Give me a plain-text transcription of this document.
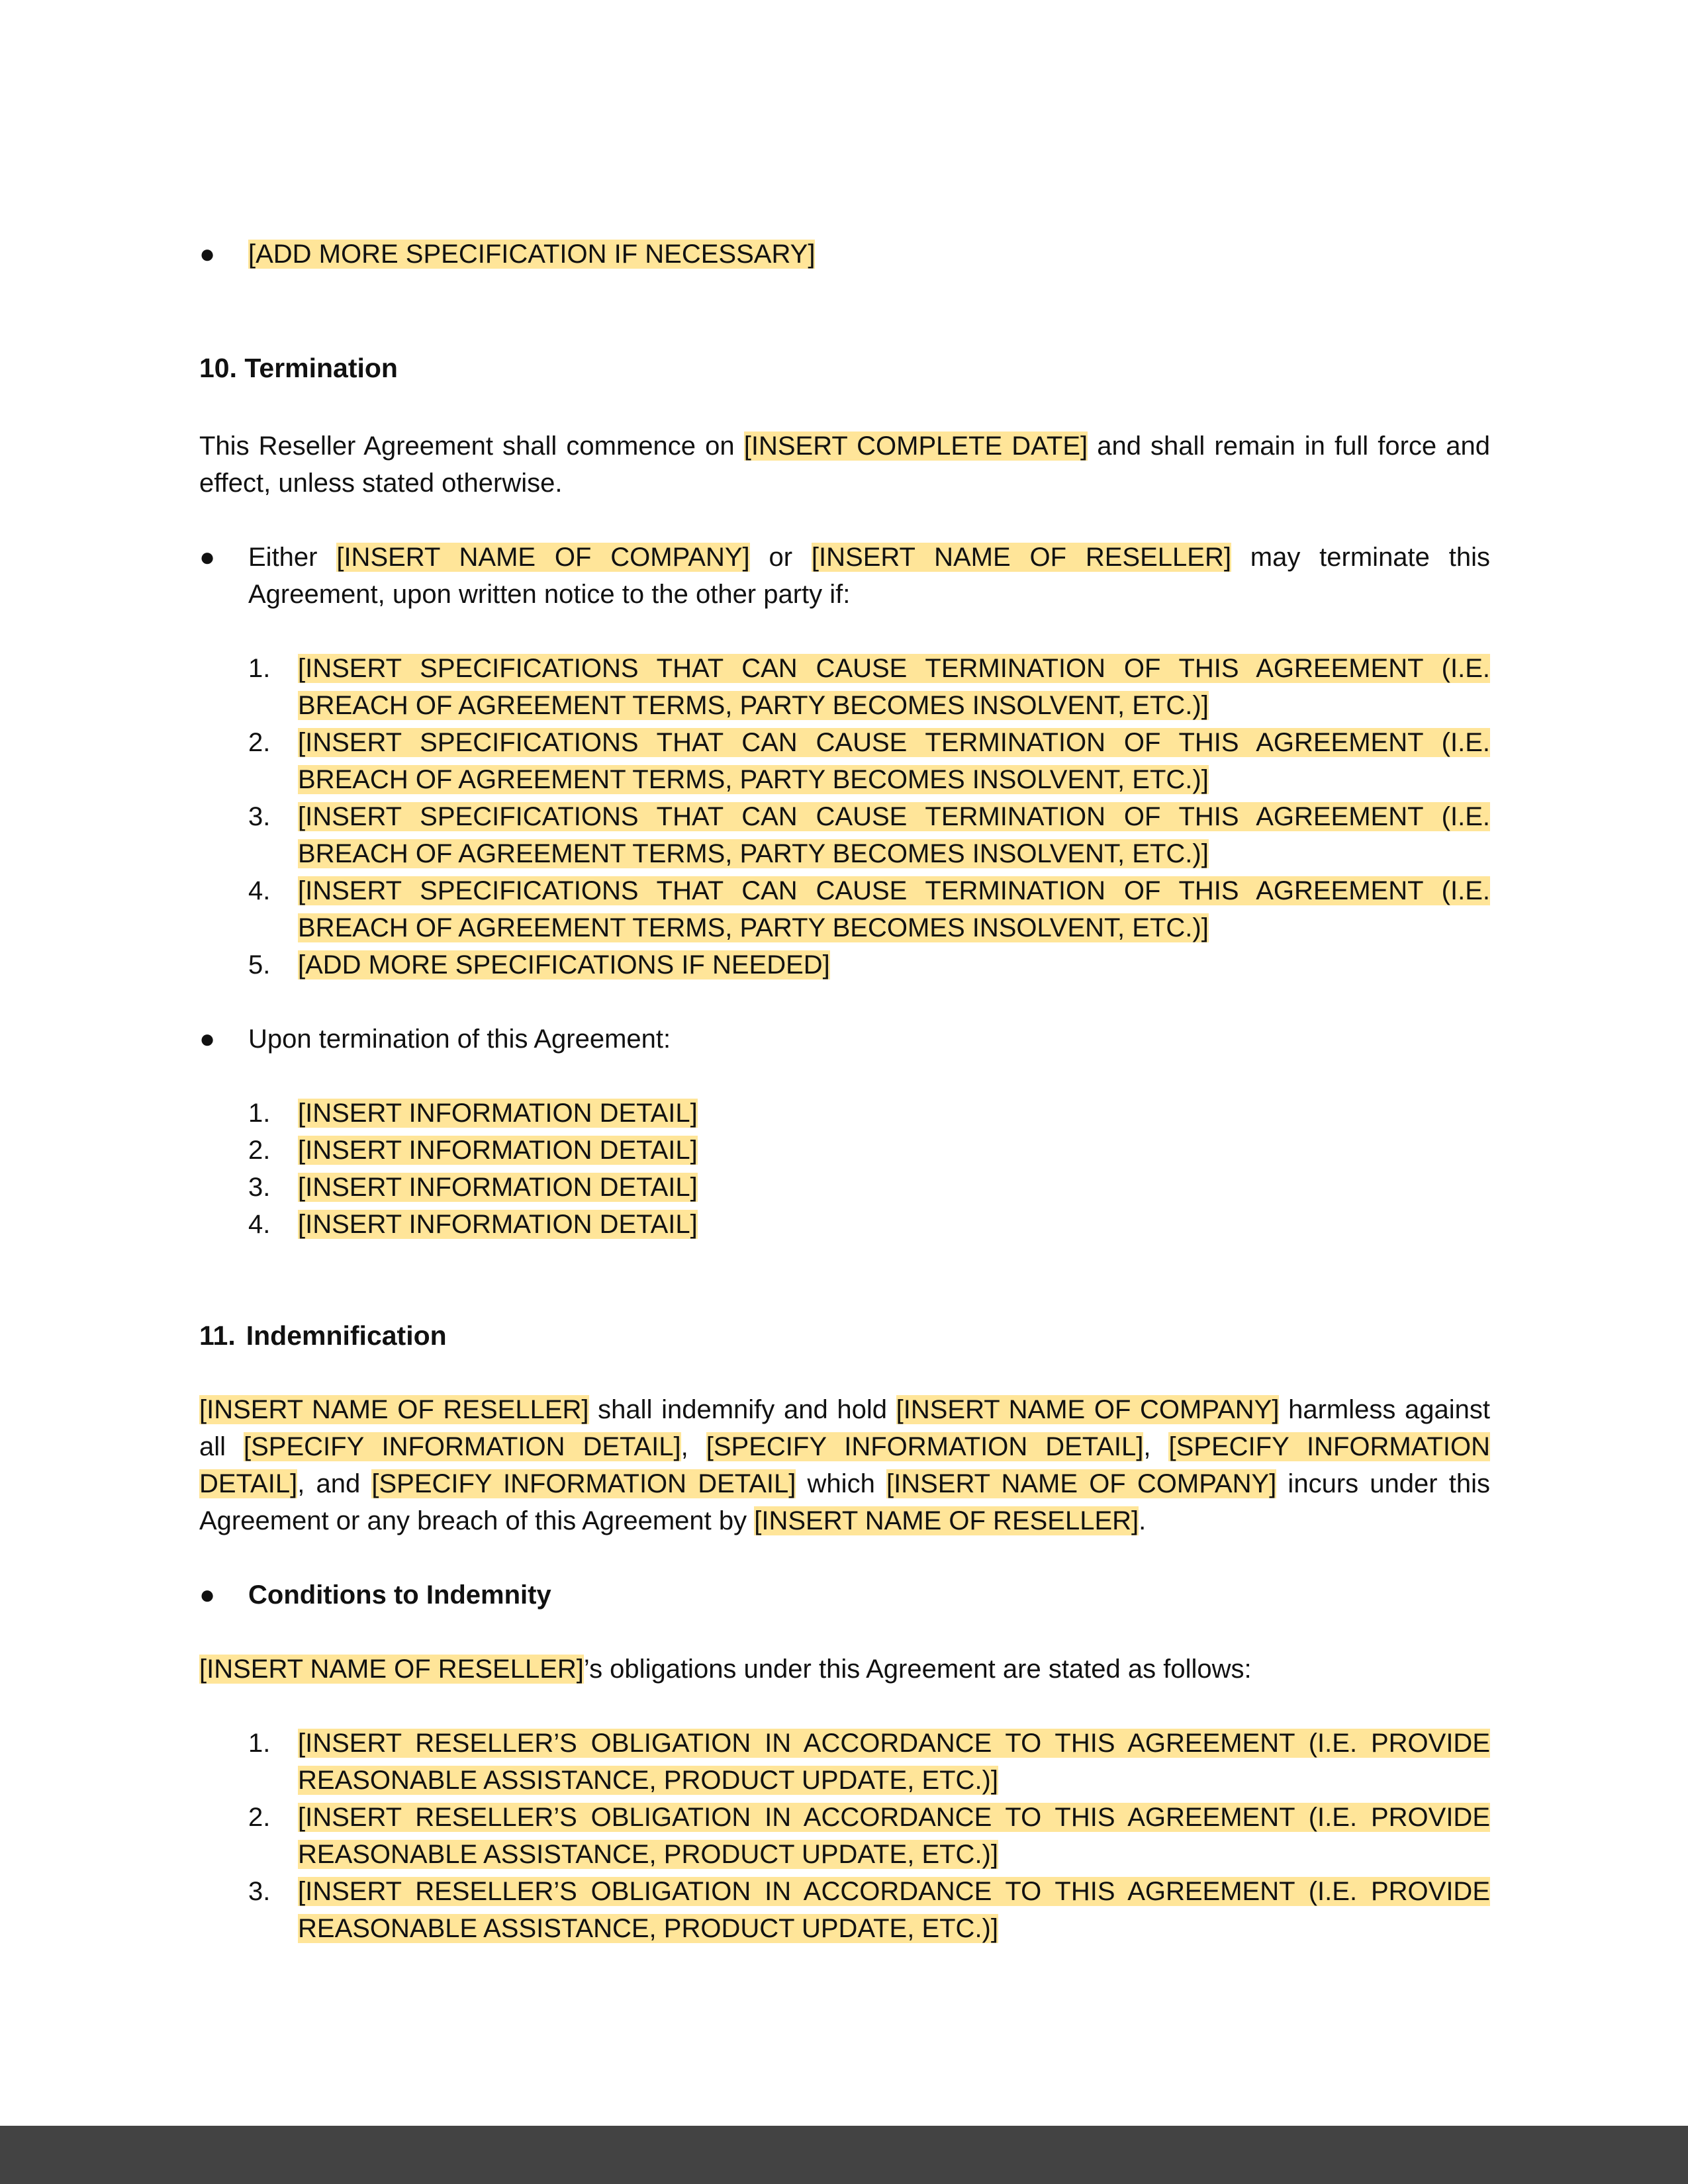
●	[ADD MORE SPECIFICATION IF NECESSARY]
10. Termination
This Reseller Agreement shall commence on [INSERT COMPLETE DATE] and shall remain in full force and effect, unless stated otherwise.
●	Either [INSERT NAME OF COMPANY] or [INSERT NAME OF RESELLER] may terminate this Agreement, upon written notice to the other party if:
1.	[INSERT SPECIFICATIONS THAT CAN CAUSE TERMINATION OF THIS AGREEMENT (I.E. BREACH OF AGREEMENT TERMS, PARTY BECOMES INSOLVENT, ETC.)]
2.	[INSERT SPECIFICATIONS THAT CAN CAUSE TERMINATION OF THIS AGREEMENT (I.E. BREACH OF AGREEMENT TERMS, PARTY BECOMES INSOLVENT, ETC.)]
3.	[INSERT SPECIFICATIONS THAT CAN CAUSE TERMINATION OF THIS AGREEMENT (I.E. BREACH OF AGREEMENT TERMS, PARTY BECOMES INSOLVENT, ETC.)]
4.	[INSERT SPECIFICATIONS THAT CAN CAUSE TERMINATION OF THIS AGREEMENT (I.E. BREACH OF AGREEMENT TERMS, PARTY BECOMES INSOLVENT, ETC.)]
5.	[ADD MORE SPECIFICATIONS IF NEEDED]
●	Upon termination of this Agreement:
1.	[INSERT INFORMATION DETAIL]
2.	[INSERT INFORMATION DETAIL]
3.	[INSERT INFORMATION DETAIL]
4.	[INSERT INFORMATION DETAIL]
11. Indemnification
[INSERT NAME OF RESELLER] shall indemnify and hold [INSERT NAME OF COMPANY] harmless against all [SPECIFY INFORMATION DETAIL], [SPECIFY INFORMATION DETAIL], [SPECIFY INFORMATION DETAIL], and [SPECIFY INFORMATION DETAIL] which [INSERT NAME OF COMPANY] incurs under this Agreement or any breach of this Agreement by [INSERT NAME OF RESELLER].
●	Conditions to Indemnity
[INSERT NAME OF RESELLER]’s obligations under this Agreement are stated as follows:
1.	[INSERT RESELLER’S OBLIGATION IN ACCORDANCE TO THIS AGREEMENT (I.E. PROVIDE REASONABLE ASSISTANCE, PRODUCT UPDATE, ETC.)]
2.	[INSERT RESELLER’S OBLIGATION IN ACCORDANCE TO THIS AGREEMENT (I.E. PROVIDE REASONABLE ASSISTANCE, PRODUCT UPDATE, ETC.)]
3.	[INSERT RESELLER’S OBLIGATION IN ACCORDANCE TO THIS AGREEMENT (I.E. PROVIDE REASONABLE ASSISTANCE, PRODUCT UPDATE, ETC.)]
